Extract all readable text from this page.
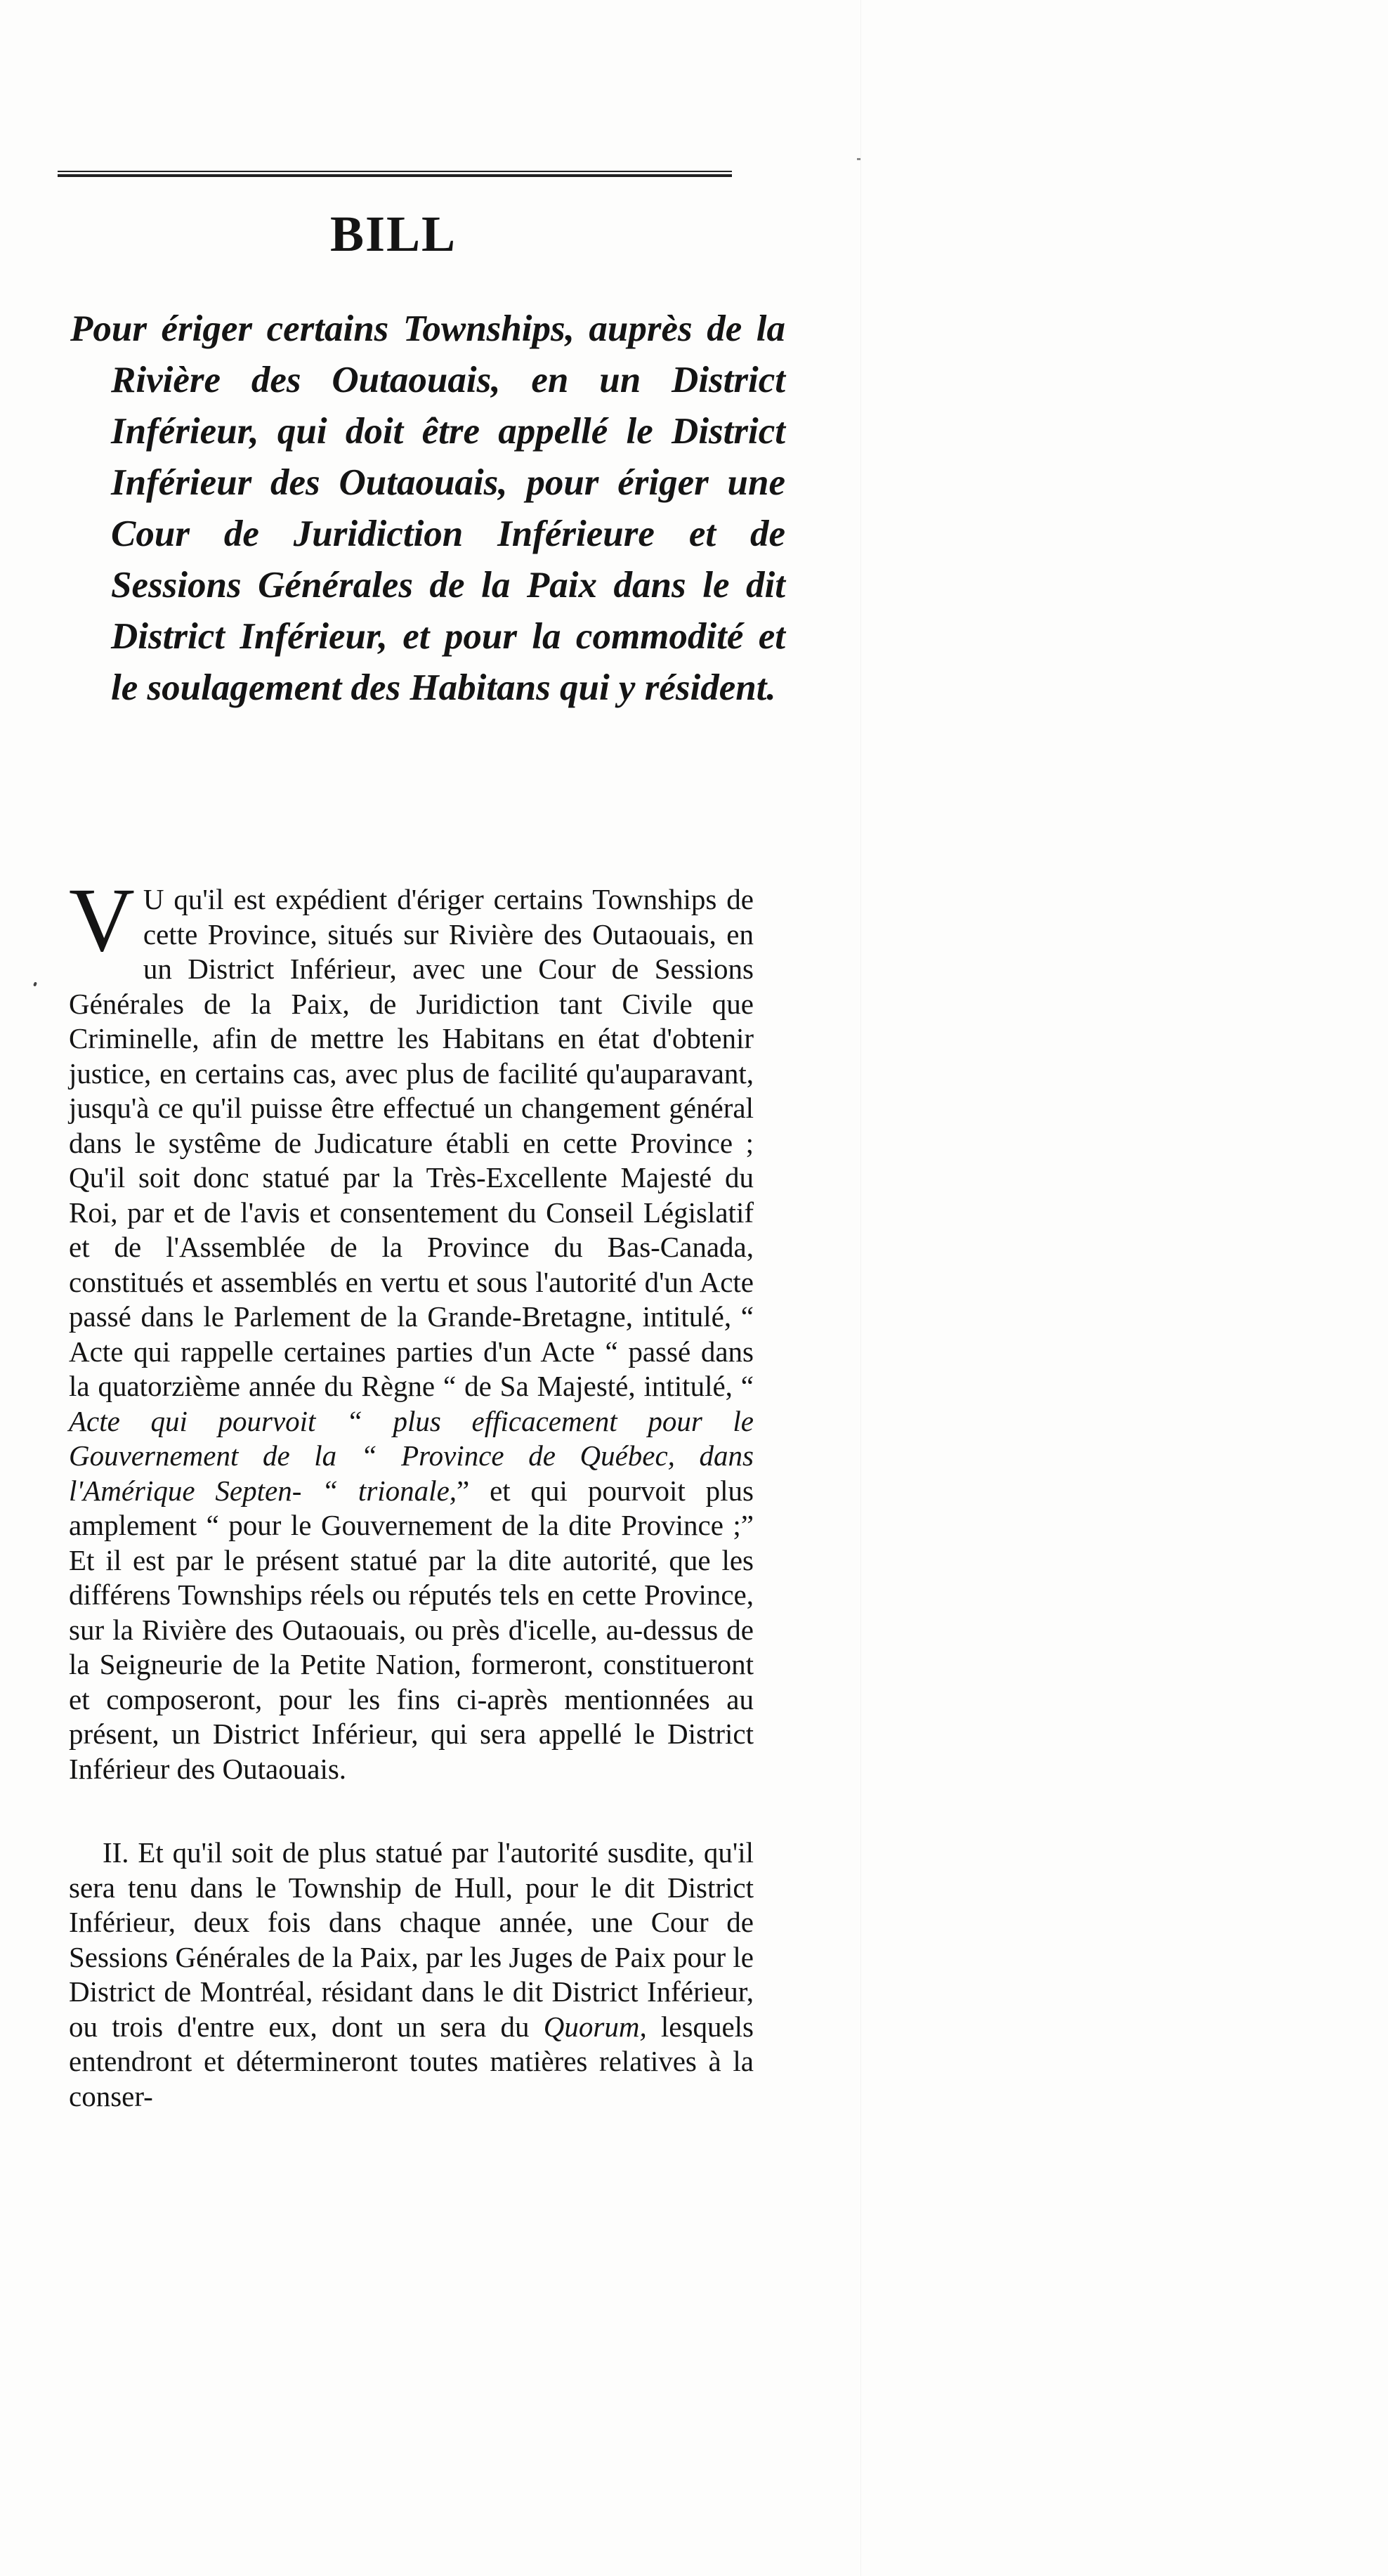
BILL

Pour ériger certains Townships, auprès de la Rivière des Outaouais, en un District Inférieur, qui doit être appellé le District Inférieur des Outaouais, pour ériger une Cour de Juridiction Inférieure et de Sessions Générales de la Paix dans le dit District Inférieur, et pour la commodité et le soulagement des Habitans qui y résident.

V U qu'il est expédient d'ériger certains Townships de cette Province, situés sur Rivière des Outaouais, en un District Inférieur, avec une Cour de Sessions Générales de la Paix, de Juridiction tant Civile que Criminelle, afin de mettre les Habitans en état d'obtenir justice, en certains cas, avec plus de facilité qu'auparavant, jusqu'à ce qu'il puisse être effectué un changement général dans le systême de Judicature établi en cette Province ; Qu'il soit donc statué par la Très-Excellente Majesté du Roi, par et de l'avis et consentement du Conseil Législatif et de l'Assemblée de la Province du Bas-Canada, constitués et assemblés en vertu et sous l'autorité d'un Acte passé dans le Parlement de la Grande-Bretagne, intitulé, “ Acte qui rappelle certaines parties d'un Acte “ passé dans la quatorzième année du Règne “ de Sa Majesté, intitulé, “ Acte qui pourvoit “ plus efficacement pour le Gouvernement de la “ Province de Québec, dans l'Amérique Septen- “ trionale,” et qui pourvoit plus amplement “ pour le Gouvernement de la dite Province ;” Et il est par le présent statué par la dite autorité, que les différens Townships réels ou réputés tels en cette Province, sur la Rivière des Outaouais, ou près d'icelle, au-dessus de la Seigneurie de la Petite Nation, formeront, constitueront et composeront, pour les fins ci-après mentionnées au présent, un District Inférieur, qui sera appellé le District Inférieur des Outaouais.

II. Et qu'il soit de plus statué par l'autorité susdite, qu'il sera tenu dans le Township de Hull, pour le dit District Inférieur, deux fois dans chaque année, une Cour de Sessions Générales de la Paix, par les Juges de Paix pour le District de Montréal, résidant dans le dit District Inférieur, ou trois d'entre eux, dont un sera du Quorum, lesquels entendront et détermineront toutes matières relatives à la conser-
